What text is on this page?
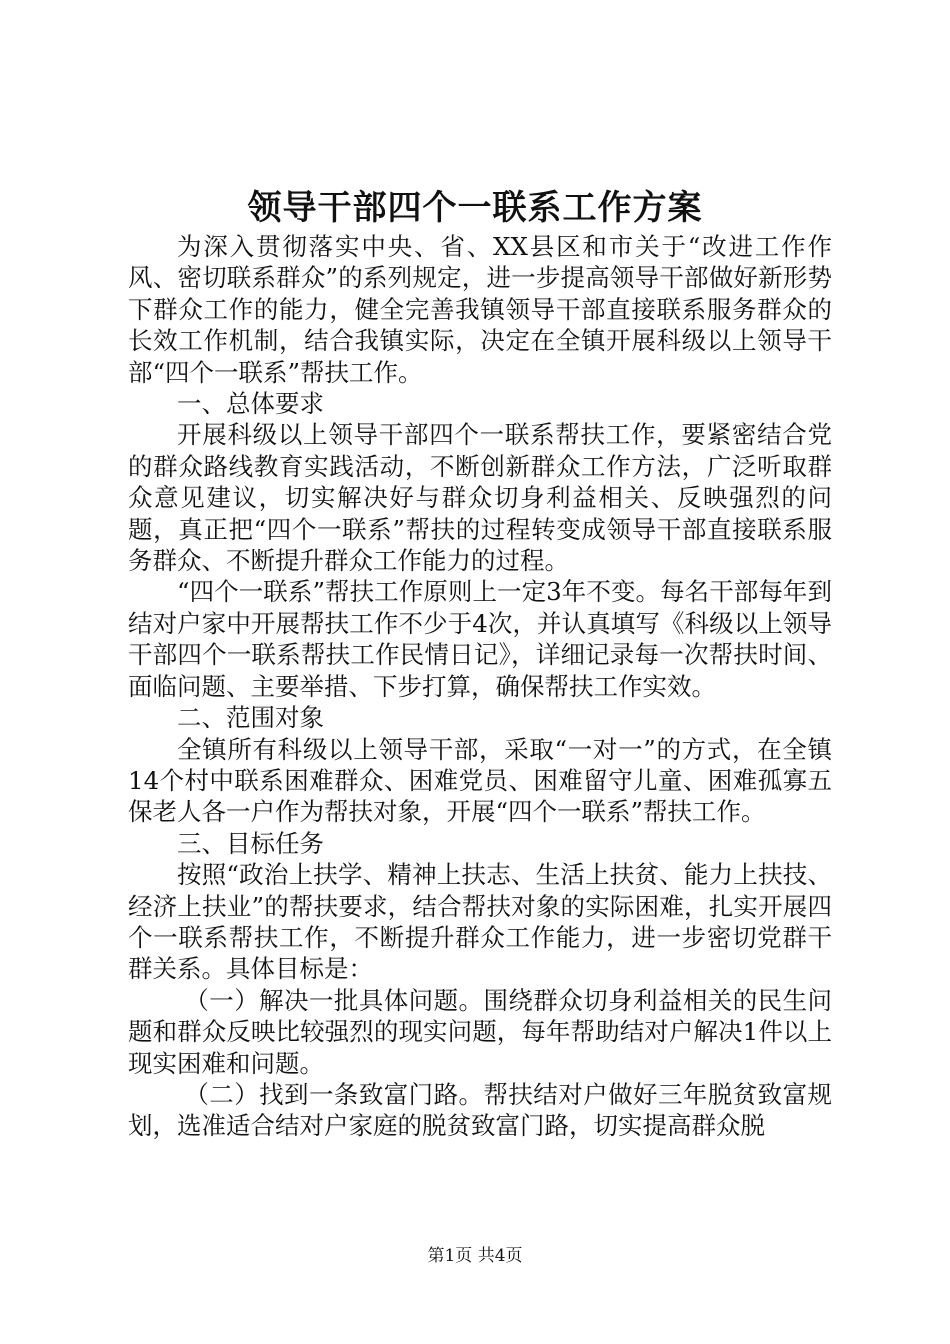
领导干部四个一联系工作方案

为深入贯彻落实中央、省、XX县区和市关于“改进工作作风、密切联系群众”的系列规定，进一步提高领导干部做好新形势下群众工作的能力，健全完善我镇领导干部直接联系服务群众的长效工作机制，结合我镇实际，决定在全镇开展科级以上领导干部“四个一联系”帮扶工作。

一、总体要求

开展科级以上领导干部四个一联系帮扶工作，要紧密结合党的群众路线教育实践活动，不断创新群众工作方法，广泛听取群众意见建议，切实解决好与群众切身利益相关、反映强烈的问题，真正把“四个一联系”帮扶的过程转变成领导干部直接联系服务群众、不断提升群众工作能力的过程。

“四个一联系”帮扶工作原则上一定3年不变。每名干部每年到结对户家中开展帮扶工作不少于4次，并认真填写《科级以上领导干部四个一联系帮扶工作民情日记》，详细记录每一次帮扶时间、面临问题、主要举措、下步打算，确保帮扶工作实效。

二、范围对象

全镇所有科级以上领导干部，采取“一对一”的方式，在全镇14个村中联系困难群众、困难党员、困难留守儿童、困难孤寡五保老人各一户作为帮扶对象，开展“四个一联系”帮扶工作。

三、目标任务

按照“政治上扶学、精神上扶志、生活上扶贫、能力上扶技、经济上扶业”的帮扶要求，结合帮扶对象的实际困难，扎实开展四个一联系帮扶工作，不断提升群众工作能力，进一步密切党群干群关系。具体目标是：

（一）解决一批具体问题。围绕群众切身利益相关的民生问题和群众反映比较强烈的现实问题，每年帮助结对户解决1件以上现实困难和问题。

（二）找到一条致富门路。帮扶结对户做好三年脱贫致富规划，选准适合结对户家庭的脱贫致富门路，切实提高群众脱

第1页 共4页
